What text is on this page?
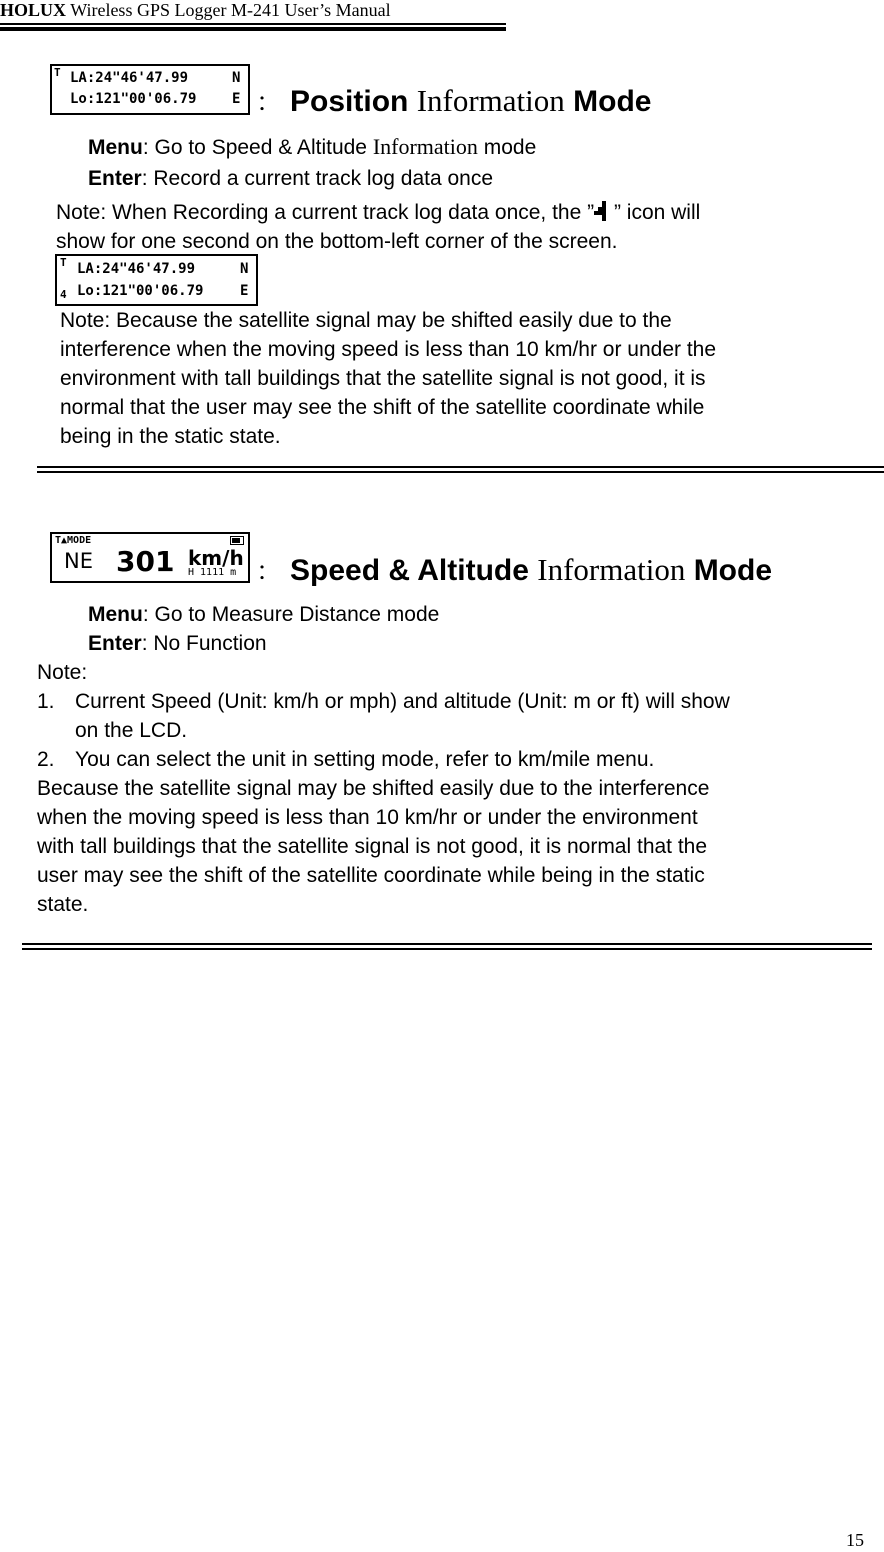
HOLUX Wireless GPS Logger M-241 User’s Manual
T LA:24"46'47.99	N
Lo:121"00'06.79	E ： Position Information Mode
Menu: Go to Speed & Altitude Information mode
Enter: Record a current track log data once
Note: When Recording a current track log data once, the ”
” icon will
show for one second on the bottom-left corner of the screen.
T
4
LA:24"46'47.99	N
Lo:121"00'06.79	E
Note: Because the satellite signal may be shifted easily due to the
interference when the moving speed is less than 10 km/hr or under the
environment with tall buildings that the satellite signal is not good, it is
normal that the user may see the shift of the satellite coordinate while
being in the static state.
T▲MODE
NE 301 km/h
H 1111 m ： Speed & Altitude Information Mode
Menu: Go to Measure Distance mode
Enter: No Function
Note:
1. Current Speed (Unit: km/h or mph) and altitude (Unit: m or ft) will show
on the LCD.
2. You can select the unit in setting mode, refer to km/mile menu.
Because the satellite signal may be shifted easily due to the interference
when the moving speed is less than 10 km/hr or under the environment
with tall buildings that the satellite signal is not good, it is normal that the
user may see the shift of the satellite coordinate while being in the static
state.
15
